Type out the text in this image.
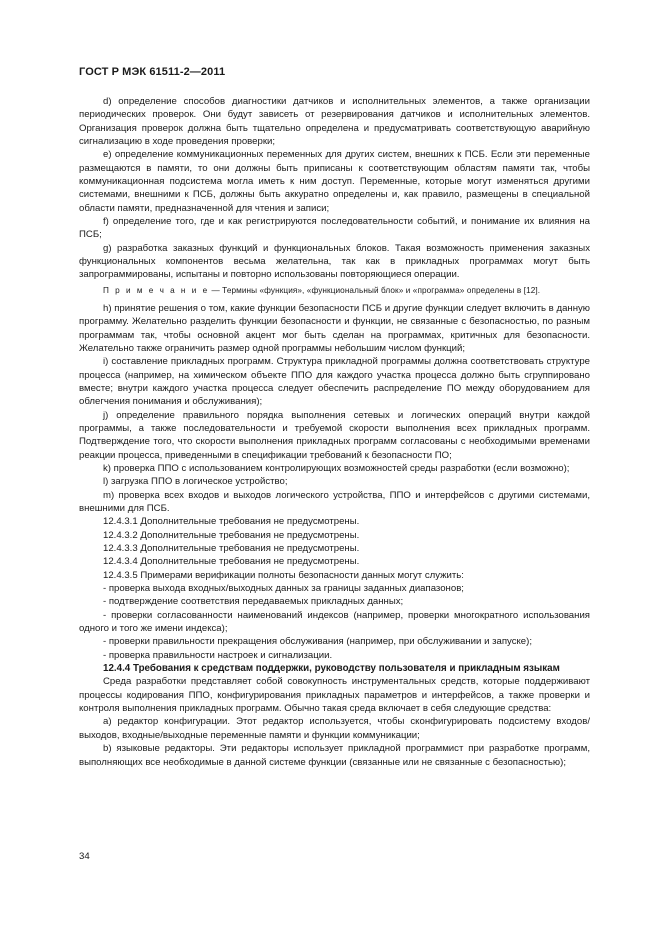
ГОСТ Р МЭК 61511-2—2011

d) определение способов диагностики датчиков и исполнительных элементов, а также организации периодических проверок. Они будут зависеть от резервирования датчиков и исполнительных элементов. Организация проверок должна быть тщательно определена и предусматривать соответствующую аварийную сигнализацию в ходе проведения проверки;

е) определение коммуникационных переменных для других систем, внешних к ПСБ. Если эти переменные размещаются в памяти, то они должны быть приписаны к соответствующим областям памяти так, чтобы коммуникационная подсистема могла иметь к ним доступ. Переменные, которые могут изменяться другими системами, внешними к ПСБ, должны быть аккуратно определены и, как правило, размещены в специальной области памяти, предназначенной для чтения и записи;

f) определение того, где и как регистрируются последовательности событий, и понимание их влияния на ПСБ;

g) разработка заказных функций и функциональных блоков. Такая возможность применения заказных функциональных компонентов весьма желательна, так как в прикладных программах могут быть запрограммированы, испытаны и повторно использованы повторяющиеся операции.

П р и м е ч а н и е — Термины «функция», «функциональный блок» и «программа» определены в [12].

h) принятие решения о том, какие функции безопасности ПСБ и другие функции следует включить в данную программу. Желательно разделить функции безопасности и функции, не связанные с безопасностью, по разным программам так, чтобы основной акцент мог быть сделан на программах, критичных для безопасности. Желательно также ограничить размер одной программы небольшим числом функций;

i) составление прикладных программ. Структура прикладной программы должна соответствовать структуре процесса (например, на химическом объекте ППО для каждого участка процесса должно быть сгруппировано вместе; внутри каждого участка процесса следует обеспечить распределение ПО между оборудованием для облегчения понимания и обслуживания);

j) определение правильного порядка выполнения сетевых и логических операций внутри каждой программы, а также последовательности и требуемой скорости выполнения всех прикладных программ. Подтверждение того, что скорости выполнения прикладных программ согласованы с необходимыми временами реакции процесса, приведенными в спецификации требований к безопасности ПО;

k) проверка ППО с использованием контролирующих возможностей среды разработки (если возможно);

l) загрузка ППО в логическое устройство;

m) проверка всех входов и выходов логического устройства, ППО и интерфейсов с другими системами, внешними для ПСБ.

12.4.3.1 Дополнительные требования не предусмотрены.

12.4.3.2 Дополнительные требования не предусмотрены.

12.4.3.3 Дополнительные требования не предусмотрены.

12.4.3.4 Дополнительные требования не предусмотрены.

12.4.3.5 Примерами верификации полноты безопасности данных могут служить:

- проверка выхода входных/выходных данных за границы заданных диапазонов;

- подтверждение соответствия передаваемых прикладных данных;

- проверки согласованности наименований индексов (например, проверки многократного использования одного и того же имени индекса);

- проверки правильности прекращения обслуживания (например, при обслуживании и запуске);

- проверка правильности настроек и сигнализации.

12.4.4 Требования к средствам поддержки, руководству пользователя и прикладным языкам

Среда разработки представляет собой совокупность инструментальных средств, которые поддерживают процессы кодирования ППО, конфигурирования прикладных параметров и интерфейсов, а также проверки и контроля выполнения прикладных программ. Обычно такая среда включает в себя следующие средства:

а) редактор конфигурации. Этот редактор используется, чтобы сконфигурировать подсистему входов/выходов, входные/выходные переменные памяти и функции коммуникации;

b) языковые редакторы. Эти редакторы использует прикладной программист при разработке программ, выполняющих все необходимые в данной системе функции (связанные или не связанные с безопасностью);

34
